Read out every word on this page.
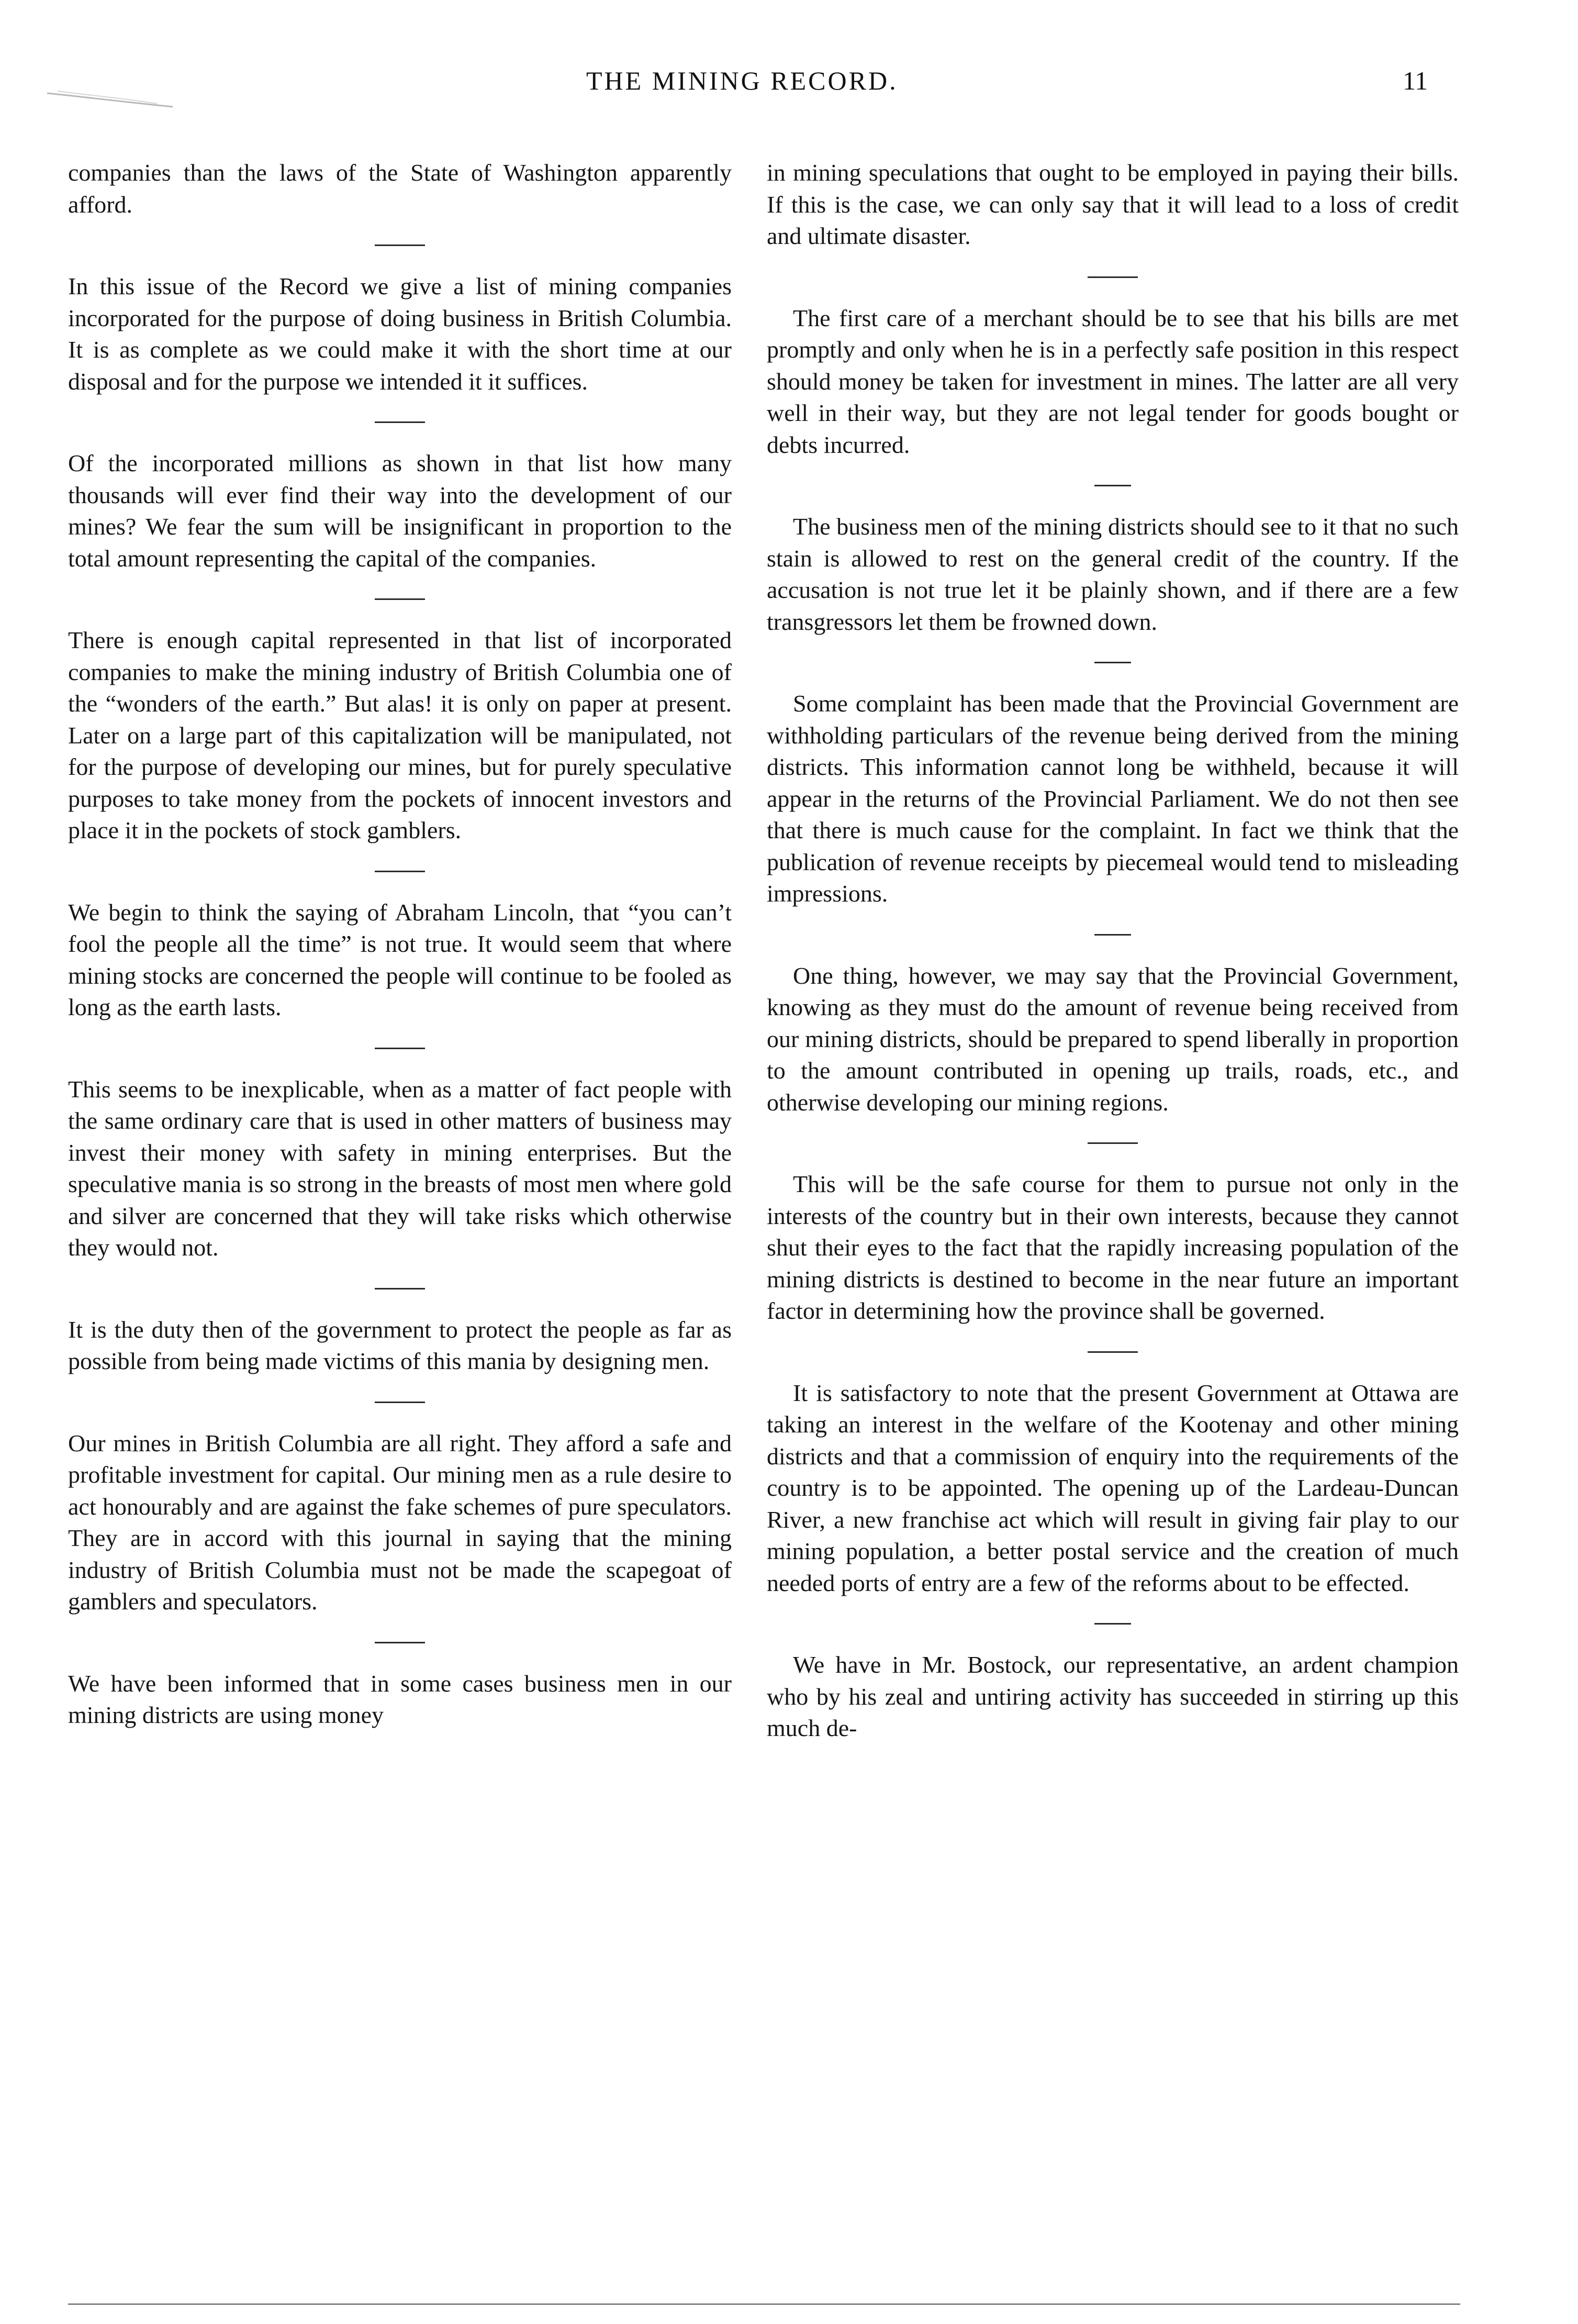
THE MINING RECORD.	11

companies than the laws of the State of Washington apparently afford.

In this issue of the Record we give a list of mining companies incorporated for the purpose of doing business in British Columbia. It is as complete as we could make it with the short time at our disposal and for the purpose we intended it it suffices.

Of the incorporated millions as shown in that list how many thousands will ever find their way into the development of our mines? We fear the sum will be insignificant in proportion to the total amount representing the capital of the companies.

There is enough capital represented in that list of incorporated companies to make the mining industry of British Columbia one of the “wonders of the earth.” But alas! it is only on paper at present. Later on a large part of this capitalization will be manipulated, not for the purpose of developing our mines, but for purely speculative purposes to take money from the pockets of innocent investors and place it in the pockets of stock gamblers.

We begin to think the saying of Abraham Lincoln, that “you can’t fool the people all the time” is not true. It would seem that where mining stocks are concerned the people will continue to be fooled as long as the earth lasts.

This seems to be inexplicable, when as a matter of fact people with the same ordinary care that is used in other matters of business may invest their money with safety in mining enterprises. But the speculative mania is so strong in the breasts of most men where gold and silver are concerned that they will take risks which otherwise they would not.

It is the duty then of the government to protect the people as far as possible from being made victims of this mania by designing men.

Our mines in British Columbia are all right. They afford a safe and profitable investment for capital. Our mining men as a rule desire to act honourably and are against the fake schemes of pure speculators. They are in accord with this journal in saying that the mining industry of British Columbia must not be made the scapegoat of gamblers and speculators.

We have been informed that in some cases business men in our mining districts are using money

in mining speculations that ought to be employed in paying their bills. If this is the case, we can only say that it will lead to a loss of credit and ultimate disaster.

The first care of a merchant should be to see that his bills are met promptly and only when he is in a perfectly safe position in this respect should money be taken for investment in mines. The latter are all very well in their way, but they are not legal tender for goods bought or debts incurred.

The business men of the mining districts should see to it that no such stain is allowed to rest on the general credit of the country. If the accusation is not true let it be plainly shown, and if there are a few transgressors let them be frowned down.

Some complaint has been made that the Provincial Government are withholding particulars of the revenue being derived from the mining districts. This information cannot long be withheld, because it will appear in the returns of the Provincial Parliament. We do not then see that there is much cause for the complaint. In fact we think that the publication of revenue receipts by piecemeal would tend to misleading impressions.

One thing, however, we may say that the Provincial Government, knowing as they must do the amount of revenue being received from our mining districts, should be prepared to spend liberally in proportion to the amount contributed in opening up trails, roads, etc., and otherwise developing our mining regions.

This will be the safe course for them to pursue not only in the interests of the country but in their own interests, because they cannot shut their eyes to the fact that the rapidly increasing population of the mining districts is destined to become in the near future an important factor in determining how the province shall be governed.

It is satisfactory to note that the present Government at Ottawa are taking an interest in the welfare of the Kootenay and other mining districts and that a commission of enquiry into the requirements of the country is to be appointed. The opening up of the Lardeau-Duncan River, a new franchise act which will result in giving fair play to our mining population, a better postal service and the creation of much needed ports of entry are a few of the reforms about to be effected.

We have in Mr. Bostock, our representative, an ardent champion who by his zeal and untiring activity has succeeded in stirring up this much de-
